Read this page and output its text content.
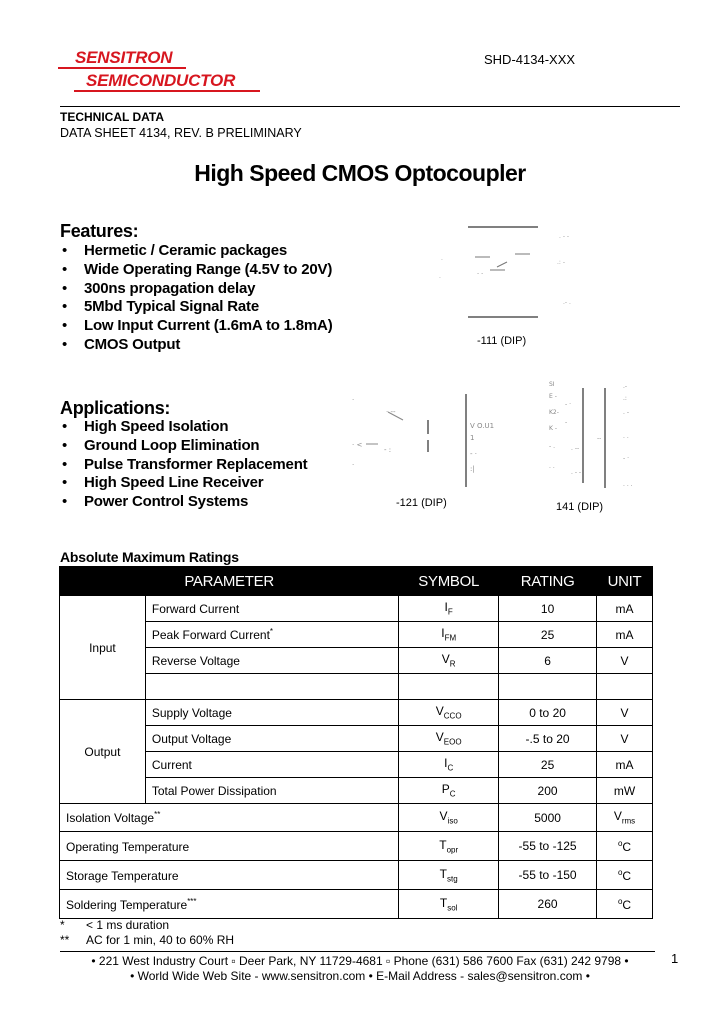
SENSITRON
SEMICONDUCTOR
SHD-4134-XXX
TECHNICAL DATA
DATA SHEET 4134, REV. B PRELIMINARY
High Speed CMOS Optocoupler
Features:
• Hermetic / Ceramic packages
• Wide Operating Range (4.5V to 20V)
• 300ns propagation delay
• 5Mbd Typical Signal Rate
• Low Input Current (1.6mA to 1.8mA)
• CMOS Output
. - -
·	.: -
·
- -
.- .
-111 (DIP)
Applications:
• High Speed Isolation
• Ground Loop Elimination
• Pulse Transformer Replacement
• High Speed Line Receiver
• Power Control Systems
·
· --
V O.U1
· <
1
- :
·
- ·
:|
-121 (DIP)
SI	.-
E -
K2-
- ·
. -
.:
K -
-
--	· ·
- .	. --
- ·
· ·
. - -
. . .
141 (DIP)
Absolute Maximum Ratings
PARAMETER		SYMBOL	RATING	UNIT
Input	Forward Current	$I_F$	10	mA
	Peak Forward Current*	$I_{FM}$	25	mA
	Reverse Voltage	$V_R$	6	V

Output	Supply Voltage	$V_{CCO}$	0 to 20	V
	Output Voltage	$V_{EOO}$	-.5 to 20	V
	Current	$I_C$	25	mA
	Total Power Dissipation	$P_C$	200	mW
Isolation Voltage**		$V_{iso}$	5000	$V_{rms}$
Operating Temperature		$T_{opr}$	-55 to -125	$^o$C
Storage Temperature		$T_{stg}$	-55 to -150	$^o$C
Soldering Temperature***		$T_{sol}$	260	$^o$C
* < 1 ms duration
** AC for 1 min, 40 to 60% RH
• 221 West Industry Court ▫ Deer Park, NY 11729-4681 ▫ Phone (631) 586 7600 Fax (631) 242 9798 •
• World Wide Web Site - www.sensitron.com • E-Mail Address - sales@sensitron.com •
1
